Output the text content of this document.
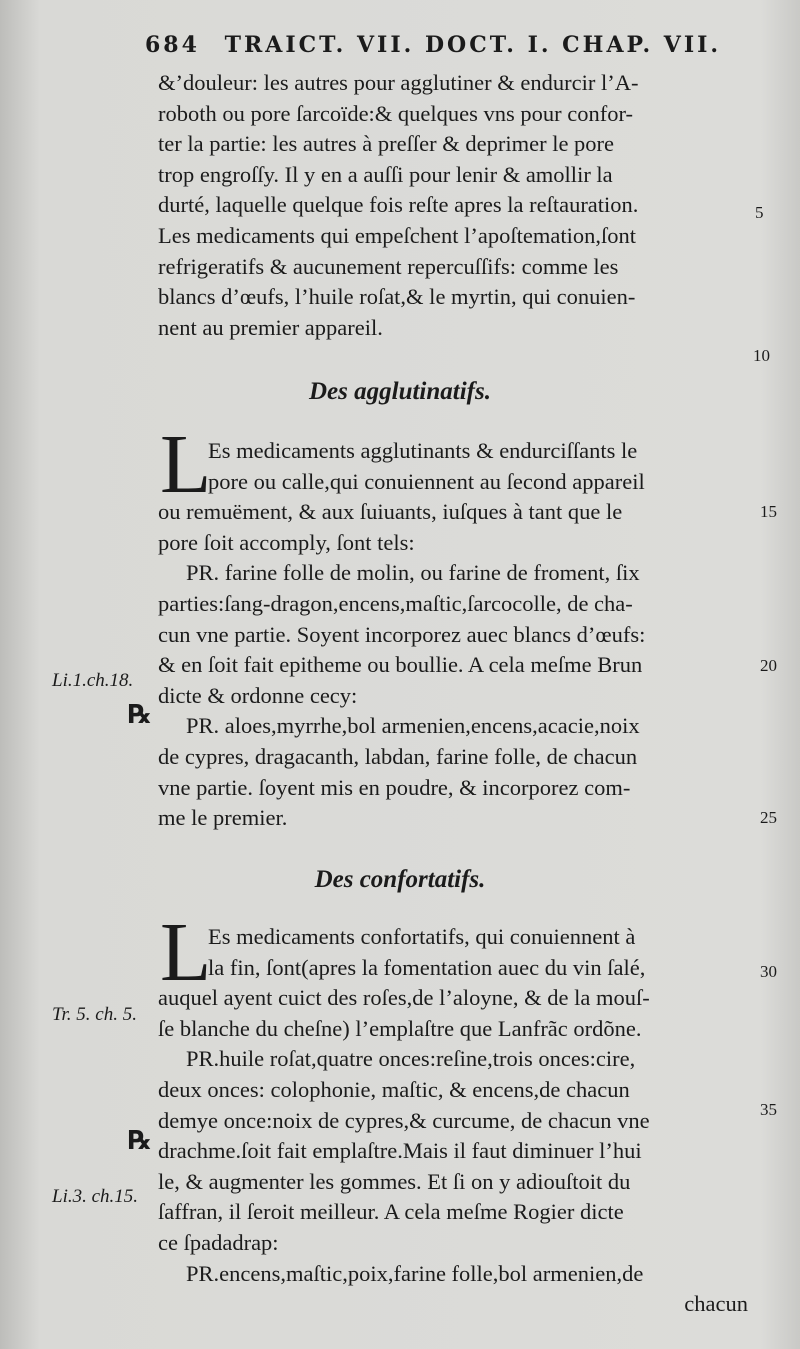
684 TRAICT. VII. DOCT. I. CHAP. VII.
&’douleur: les autres pour agglutiner & endurcir l’A-
roboth ou pore ſarcoïde:& quelques vns pour confor-
ter la partie: les autres à preſſer & deprimer le pore
trop engroſſy. Il y en a auſſi pour lenir & amollir la
durté, laquelle quelque fois reſte apres la reſtauration.
Les medicaments qui empeſchent l’apoſtemation,ſont
refrigeratifs & aucunement repercuſſifs: comme les
blancs d’œufs, l’huile roſat,& le myrtin, qui conuien-
nent au premier appareil.
Des agglutinatifs.
L
Es medicaments agglutinants & endurciſſants le
pore ou calle,qui conuiennent au ſecond appareil
ou remuëment, & aux ſuiuants, iuſques à tant que le
pore ſoit accomply, ſont tels:
PR. farine folle de molin, ou farine de froment, ſix
parties:ſang-dragon,encens,maſtic,ſarcocolle, de cha-
cun vne partie. Soyent incorporez auec blancs d’œufs:
& en ſoit fait epitheme ou boullie. A cela meſme Brun
dicte & ordonne cecy:
PR. aloes,myrrhe,bol armenien,encens,acacie,noix
de cypres, dragacanth, labdan, farine folle, de chacun
vne partie. ſoyent mis en poudre, & incorporez com-
me le premier.
Des confortatifs.
L
Es medicaments confortatifs, qui conuiennent à
la fin, ſont(apres la fomentation auec du vin ſalé,
auquel ayent cuict des roſes,de l’aloyne, & de la mouſ-
ſe blanche du cheſne) l’emplaſtre que Lanfrãc ordõne.
PR.huile roſat,quatre onces:reſine,trois onces:cire,
deux onces: colophonie, maſtic, & encens,de chacun
demye once:noix de cypres,& curcume, de chacun vne
drachme.ſoit fait emplaſtre.Mais il faut diminuer l’hui
le, & augmenter les gommes. Et ſi on y adiouſtoit du
ſaffran, il ſeroit meilleur. A cela meſme Rogier dicte
ce ſpadadrap:
PR.encens,maſtic,poix,farine folle,bol armenien,de
chacun
5
10
15
20
25
30
35
Li.1.ch.18.
Tr. 5. ch. 5.
Li.3. ch.15.
℞
℞
